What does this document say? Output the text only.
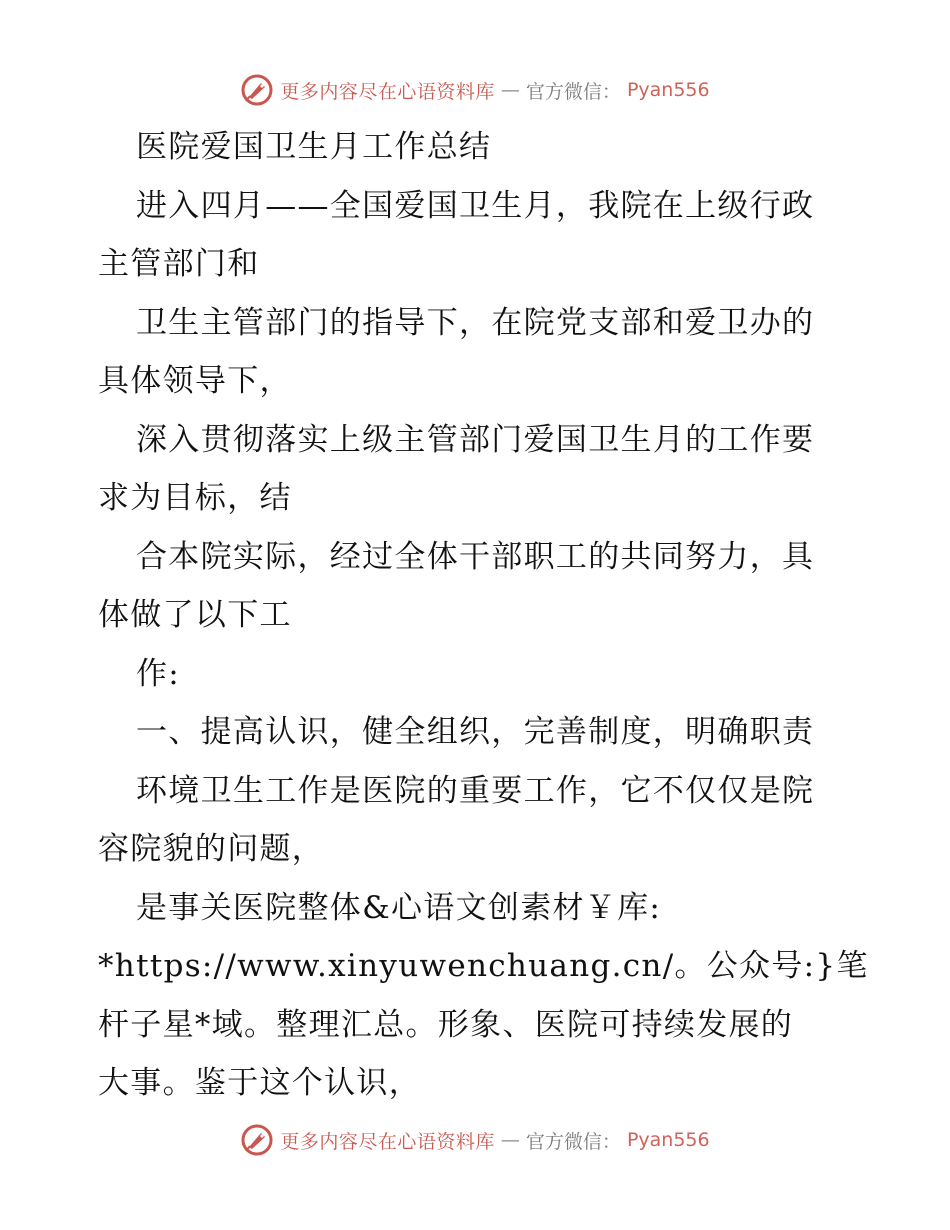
更多内容尽在心语资料库 — 官方微信： Pyan556
医院爱国卫生月工作总结
进入四月——全国爱国卫生月，我院在上级行政
主管部门和
卫生主管部门的指导下，在院党支部和爱卫办的
具体领导下，
深入贯彻落实上级主管部门爱国卫生月的工作要
求为目标，结
合本院实际，经过全体干部职工的共同努力，具
体做了以下工
作:
一、提高认识，健全组织，完善制度，明确职责
环境卫生工作是医院的重要工作，它不仅仅是院
容院貌的问题，
是事关医院整体&心语文创素材￥库:
*https://www.xinyuwenchuang.cn/。公众号:}笔
杆子星*域。整理汇总。形象、医院可持续发展的
大事。鉴于这个认识，
更多内容尽在心语资料库 — 官方微信： Pyan556
